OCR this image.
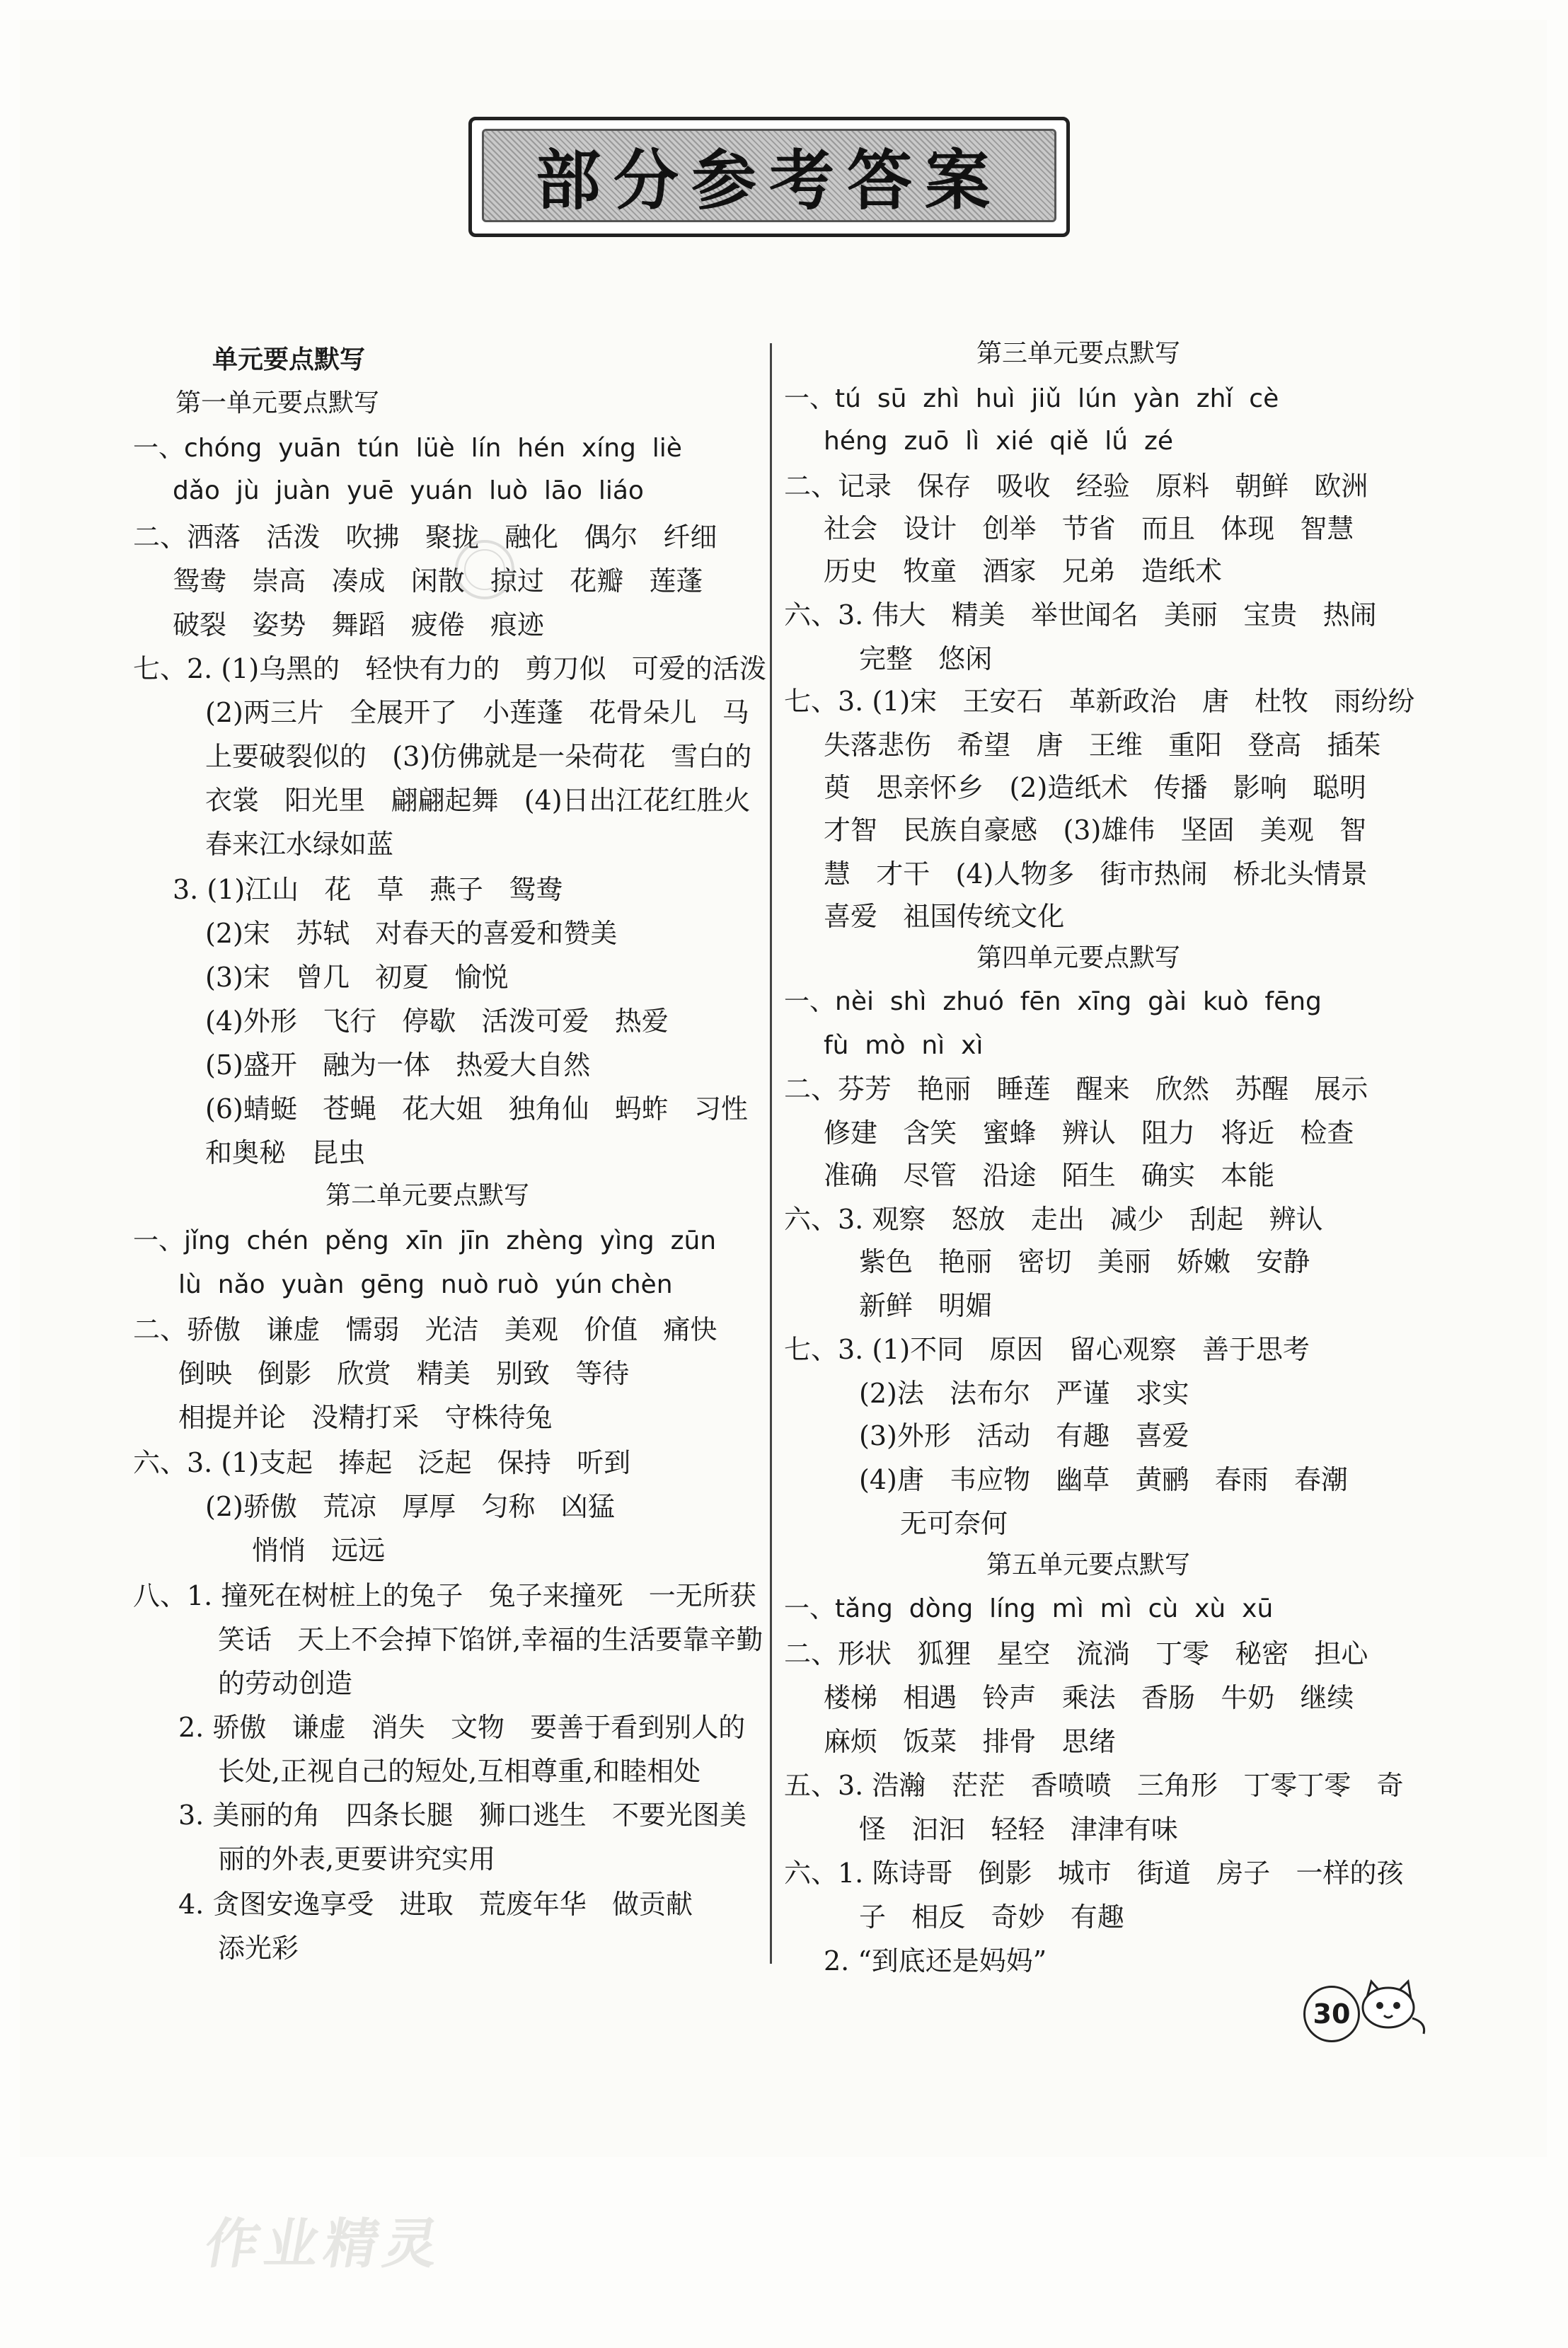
部分参考答案
单元要点默写
第一单元要点默写
一、chóng  yuān  tún  lüè  lín  hén  xíng  liè
dǎo  jù  juàn  yuē  yuán  luò  lāo  liáo
二、洒落   活泼   吹拂   聚拢   融化   偶尔   纤细
鸳鸯   崇高   凑成   闲散   掠过   花瓣   莲蓬
破裂   姿势   舞蹈   疲倦   痕迹
七、2. (1)乌黑的   轻快有力的   剪刀似   可爱的活泼
(2)两三片   全展开了   小莲蓬   花骨朵儿   马
上要破裂似的   (3)仿佛就是一朵荷花   雪白的
衣裳   阳光里   翩翩起舞   (4)日出江花红胜火
春来江水绿如蓝
3. (1)江山   花   草   燕子   鸳鸯
(2)宋   苏轼   对春天的喜爱和赞美
(3)宋   曾几   初夏   愉悦
(4)外形   飞行   停歇   活泼可爱   热爱
(5)盛开   融为一体   热爱大自然
(6)蜻蜓   苍蝇   花大姐   独角仙   蚂蚱   习性
和奥秘   昆虫
第二单元要点默写
一、jǐng  chén  pěng  xīn  jīn  zhèng  yìng  zūn
lù  nǎo  yuàn  gēng  nuò ruò  yún chèn
二、骄傲   谦虚   懦弱   光洁   美观   价值   痛快
倒映   倒影   欣赏   精美   别致   等待
相提并论   没精打采   守株待兔
六、3. (1)支起   捧起   泛起   保持   听到
(2)骄傲   荒凉   厚厚   匀称   凶猛
悄悄   远远
八、1. 撞死在树桩上的兔子   兔子来撞死   一无所获
笑话   天上不会掉下馅饼,幸福的生活要靠辛勤
的劳动创造
2. 骄傲   谦虚   消失   文物   要善于看到别人的
长处,正视自己的短处,互相尊重,和睦相处
3. 美丽的角   四条长腿   狮口逃生   不要光图美
丽的外表,更要讲究实用
4. 贪图安逸享受   进取   荒废年华   做贡献
添光彩
第三单元要点默写
一、tú  sū  zhì  huì  jiǔ  lún  yàn  zhǐ  cè
héng  zuō  lì  xié  qiě  lǘ  zé
二、记录   保存   吸收   经验   原料   朝鲜   欧洲
社会   设计   创举   节省   而且   体现   智慧
历史   牧童   酒家   兄弟   造纸术
六、3. 伟大   精美   举世闻名   美丽   宝贵   热闹
完整   悠闲
七、3. (1)宋   王安石   革新政治   唐   杜牧   雨纷纷
失落悲伤   希望   唐   王维   重阳   登高   插茱
萸   思亲怀乡   (2)造纸术   传播   影响   聪明
才智   民族自豪感   (3)雄伟   坚固   美观   智
慧   才干   (4)人物多   街市热闹   桥北头情景
喜爱   祖国传统文化
第四单元要点默写
一、nèi  shì  zhuó  fēn  xīng  gài  kuò  fēng
fù  mò  nì  xì
二、芬芳   艳丽   睡莲   醒来   欣然   苏醒   展示
修建   含笑   蜜蜂   辨认   阻力   将近   检查
准确   尽管   沿途   陌生   确实   本能
六、3. 观察   怒放   走出   减少   刮起   辨认
紫色   艳丽   密切   美丽   娇嫩   安静
新鲜   明媚
七、3. (1)不同   原因   留心观察   善于思考
(2)法   法布尔   严谨   求实
(3)外形   活动   有趣   喜爱
(4)唐   韦应物   幽草   黄鹂   春雨   春潮
无可奈何
第五单元要点默写
一、tǎng  dòng  líng  mì  mì  cù  xù  xū
二、形状   狐狸   星空   流淌   丁零   秘密   担心
楼梯   相遇   铃声   乘法   香肠   牛奶   继续
麻烦   饭菜   排骨   思绪
五、3. 浩瀚   茫茫   香喷喷   三角形   丁零丁零   奇
怪   汩汩   轻轻   津津有味
六、1. 陈诗哥   倒影   城市   街道   房子   一样的孩
子   相反   奇妙   有趣
2. “到底还是妈妈”
30
作业精灵
